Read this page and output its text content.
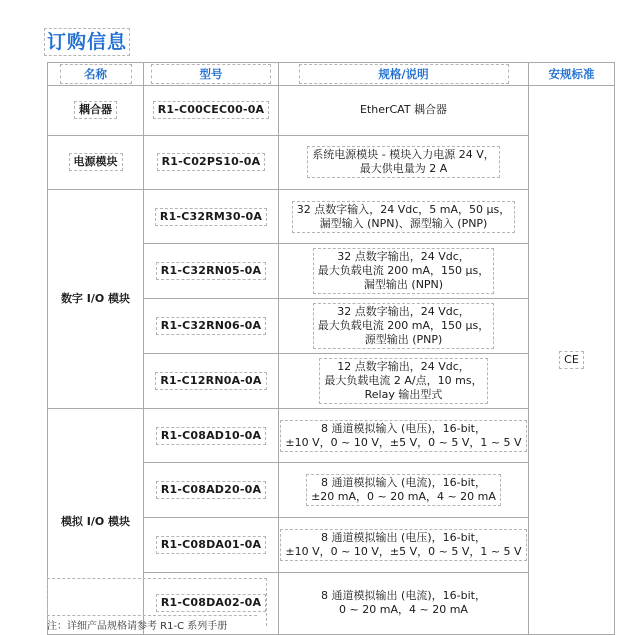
订购信息
名称	型号	规格/说明	安规标准
耦合器	R1-C00CEC00-0A	EtherCAT 耦合器	CE
电源模块	R1-C02PS10-0A	系统电源模块 - 模块入力电源 24 V，
最大供电量为 2 A	
数字 I/O 模块	R1-C32RM30-0A	32 点数字输入，24 Vdc，5 mA，50 μs，
漏型输入 (NPN)、源型输入 (PNP)	
	R1-C32RN05-0A	32 点数字输出，24 Vdc，
最大负载电流 200 mA，150 μs，
漏型输出 (NPN)	
	R1-C32RN06-0A	32 点数字输出，24 Vdc，
最大负载电流 200 mA，150 μs，
源型输出 (PNP)	
	R1-C12RN0A-0A	12 点数字输出，24 Vdc，
最大负载电流 2 A/点，10 ms，
Relay 输出型式	
模拟 I/O 模块	R1-C08AD10-0A	8 通道模拟输入 (电压)，16-bit，
±10 V，0 ~ 10 V，±5 V，0 ~ 5 V，1 ~ 5 V	
	R1-C08AD20-0A	8 通道模拟输入 (电流)，16-bit，
±20 mA，0 ~ 20 mA，4 ~ 20 mA	
	R1-C08DA01-0A	8 通道模拟输出 (电压)，16-bit，
±10 V，0 ~ 10 V，±5 V，0 ~ 5 V，1 ~ 5 V	
	R1-C08DA02-0A	8 通道模拟输出 (电流)，16-bit，
0 ~ 20 mA，4 ~ 20 mA	
注：详细产品规格请参考 R1-C 系列手册
